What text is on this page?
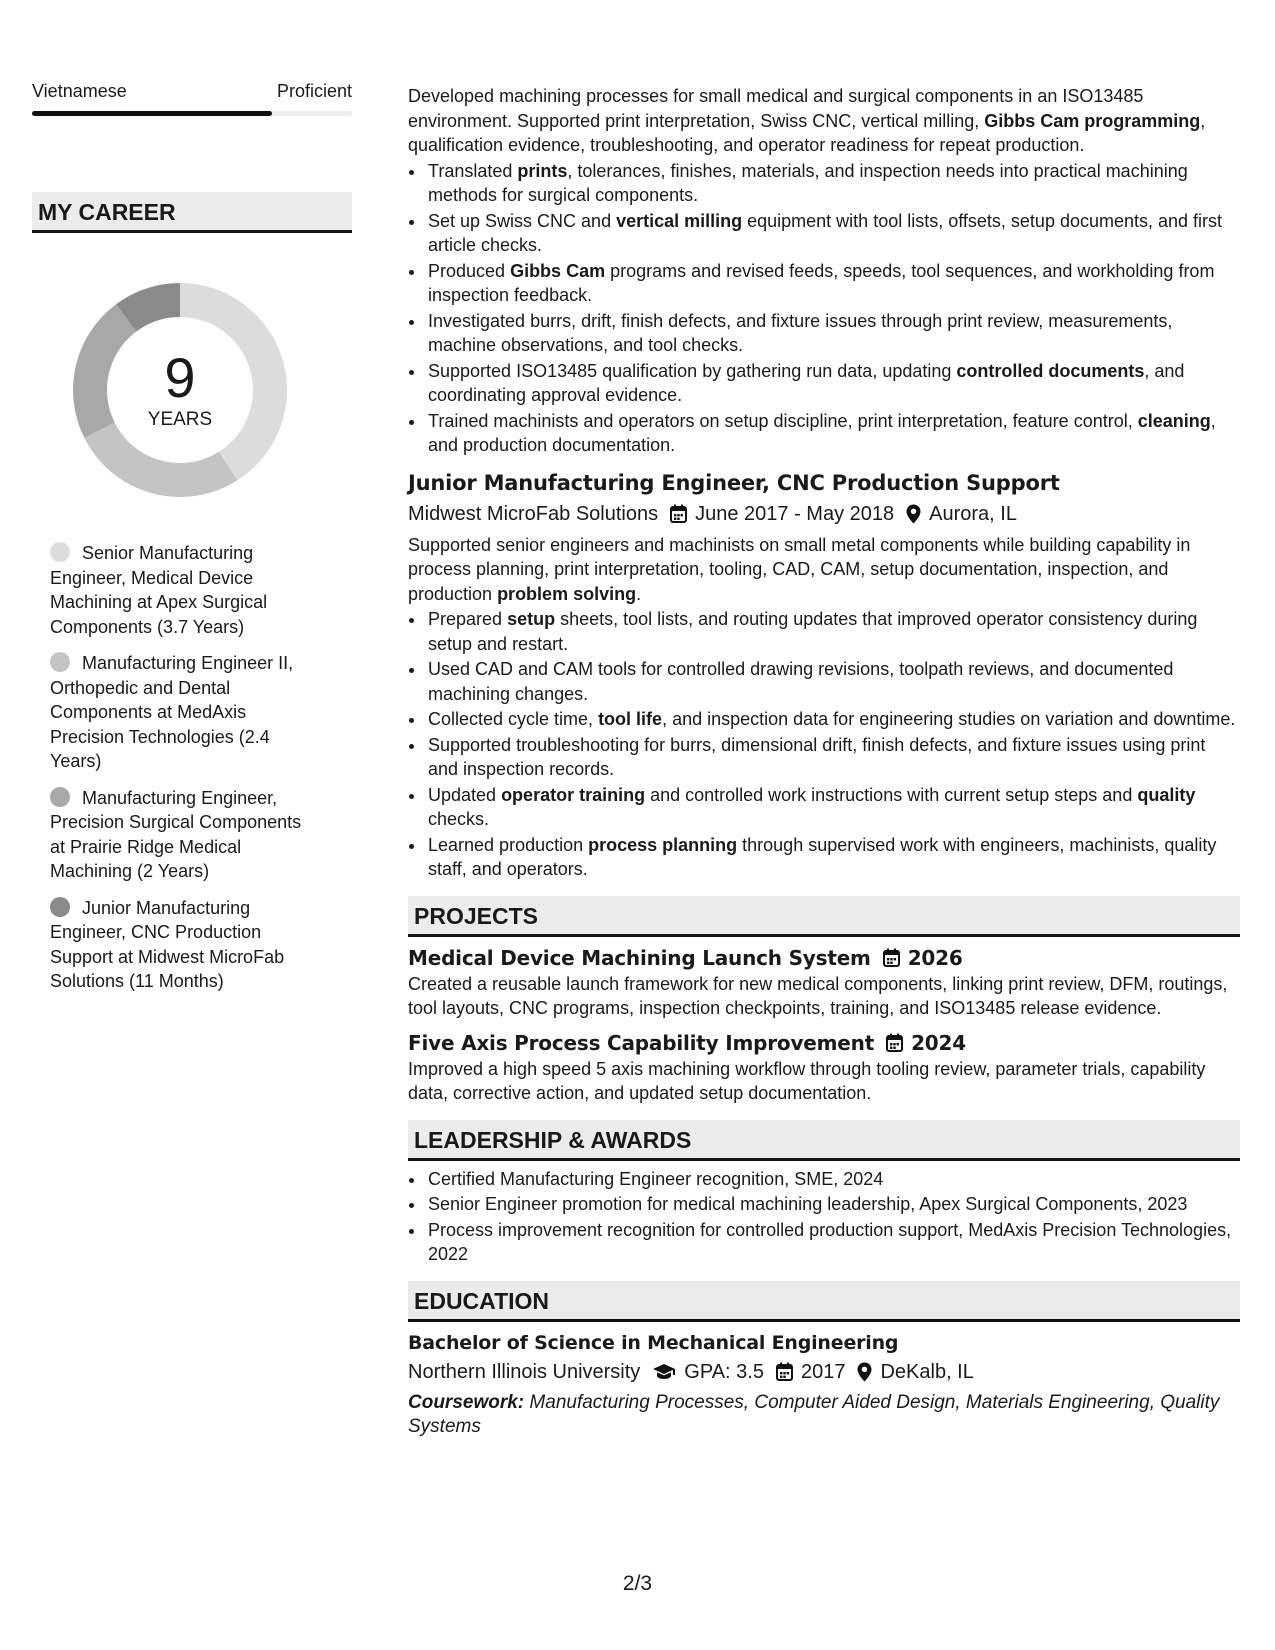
Vietnamese	Proficient
MY CAREER
9
YEARS
Senior Manufacturing Engineer, Medical Device Machining at Apex Surgical Components (3.7 Years)
Manufacturing Engineer II, Orthopedic and Dental Components at MedAxis Precision Technologies (2.4 Years)
Manufacturing Engineer, Precision Surgical Components at Prairie Ridge Medical Machining (2 Years)
Junior Manufacturing Engineer, CNC Production Support at Midwest MicroFab Solutions (11 Months)

Developed machining processes for small medical and surgical components in an ISO13485 environment. Supported print interpretation, Swiss CNC, vertical milling, Gibbs Cam programming, qualification evidence, troubleshooting, and operator readiness for repeat production.

• Translated prints, tolerances, finishes, materials, and inspection needs into practical machining methods for surgical components.
• Set up Swiss CNC and vertical milling equipment with tool lists, offsets, setup documents, and first article checks.
• Produced Gibbs Cam programs and revised feeds, speeds, tool sequences, and workholding from inspection feedback.
• Investigated burrs, drift, finish defects, and fixture issues through print review, measurements, machine observations, and tool checks.
• Supported ISO13485 qualification by gathering run data, updating controlled documents, and coordinating approval evidence.
• Trained machinists and operators on setup discipline, print interpretation, feature control, cleaning, and production documentation.
Junior Manufacturing Engineer, CNC Production Support
Midwest MicroFab Solutions June 2017 - May 2018 Aurora, IL

Supported senior engineers and machinists on small metal components while building capability in process planning, print interpretation, tooling, CAD, CAM, setup documentation, inspection, and production problem solving.

• Prepared setup sheets, tool lists, and routing updates that improved operator consistency during setup and restart.
• Used CAD and CAM tools for controlled drawing revisions, toolpath reviews, and documented machining changes.
• Collected cycle time, tool life, and inspection data for engineering studies on variation and downtime.
• Supported troubleshooting for burrs, dimensional drift, finish defects, and fixture issues using print and inspection records.
• Updated operator training and controlled work instructions with current setup steps and quality checks.
• Learned production process planning through supervised work with engineers, machinists, quality staff, and operators.
PROJECTS
Medical Device Machining Launch System 2026

Created a reusable launch framework for new medical components, linking print review, DFM, routings, tool layouts, CNC programs, inspection checkpoints, training, and ISO13485 release evidence.

Five Axis Process Capability Improvement 2024

Improved a high speed 5 axis machining workflow through tooling review, parameter trials, capability data, corrective action, and updated setup documentation.

LEADERSHIP & AWARDS
• Certified Manufacturing Engineer recognition, SME, 2024
• Senior Engineer promotion for medical machining leadership, Apex Surgical Components, 2023
• Process improvement recognition for controlled production support, MedAxis Precision Technologies, 2022
EDUCATION
Bachelor of Science in Mechanical Engineering
Northern Illinois University GPA: 3.5 2017 DeKalb, IL
Coursework: Manufacturing Processes, Computer Aided Design, Materials Engineering, Quality Systems
2/3
